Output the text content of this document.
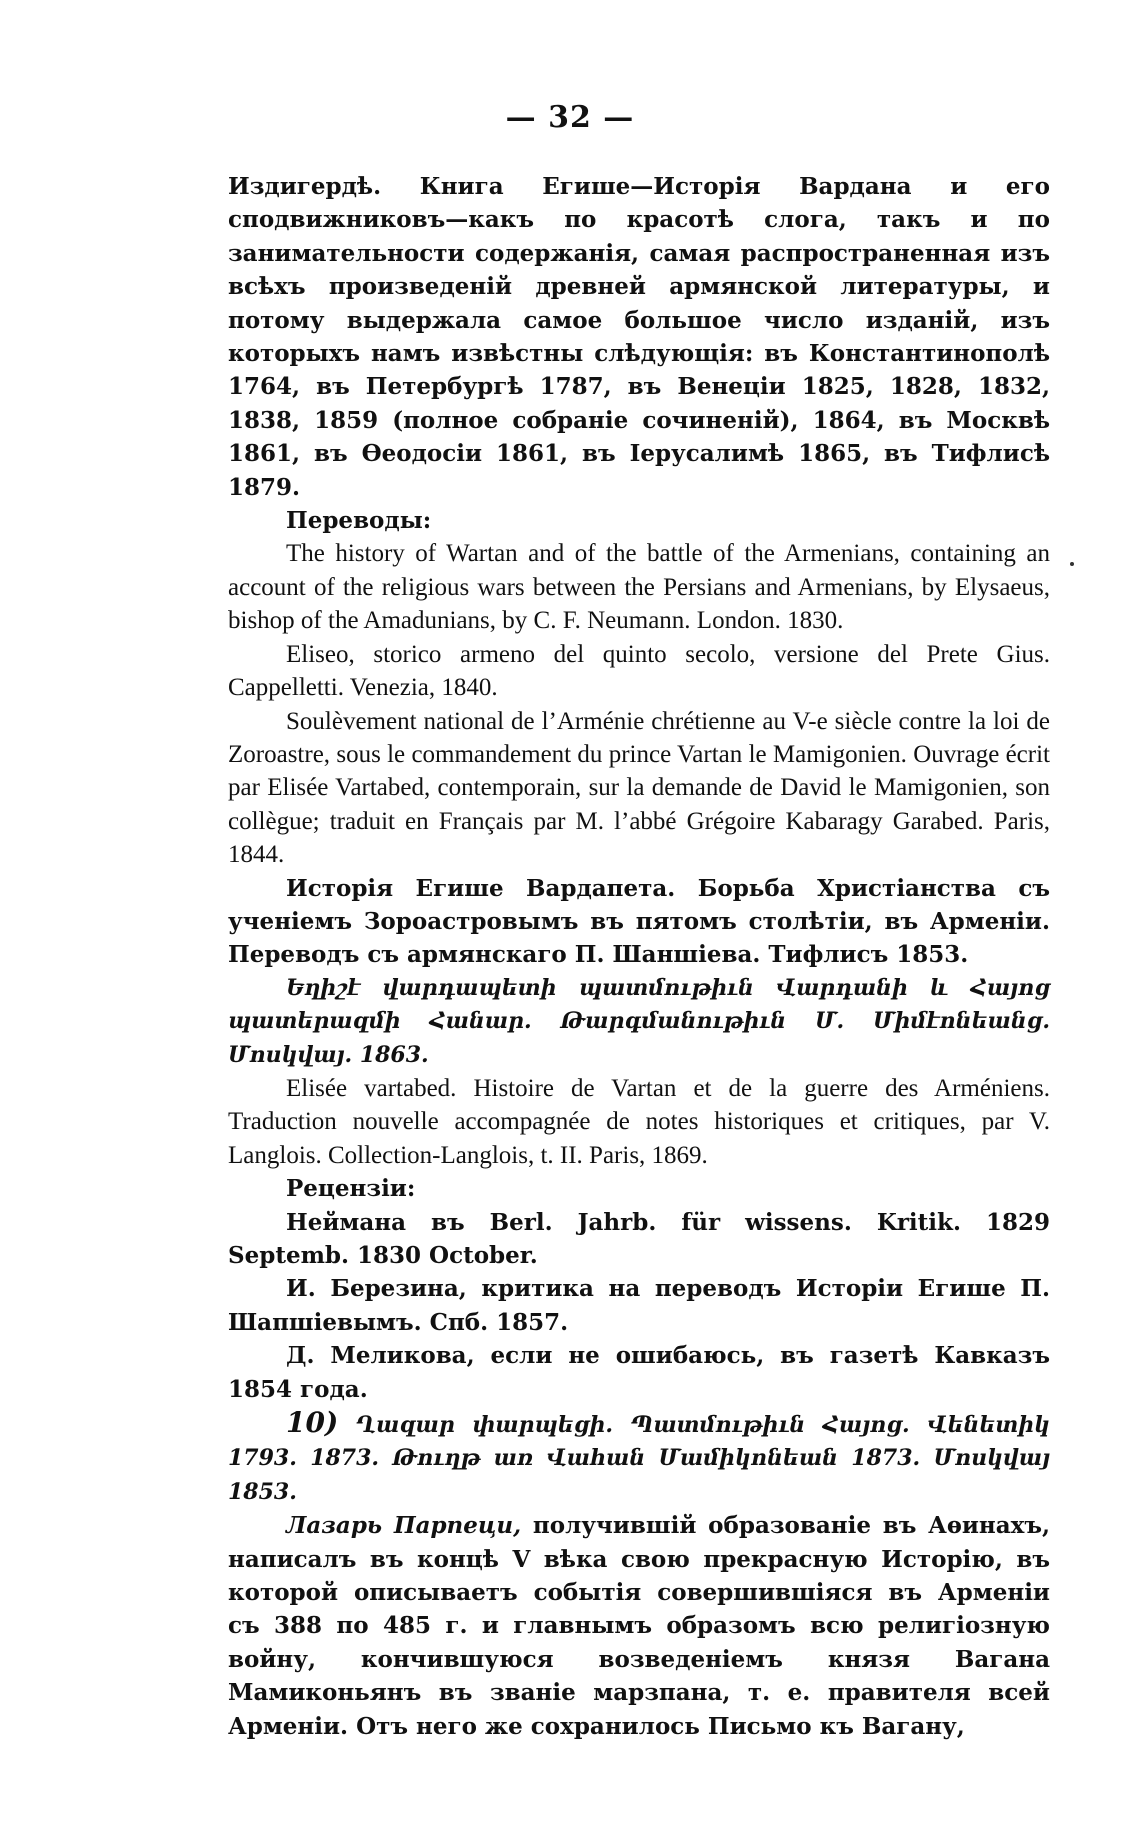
— 32 —

Издигердѣ. Книга Егише—Исторія Вардана и его сподвижниковъ—какъ по красотѣ слога, такъ и по занимательности содержанія, самая распространенная изъ всѣхъ произведеній древней армянской литературы, и потому выдержала самое большое число изданій, изъ которыхъ намъ извѣстны слѣдующія: въ Константинополѣ 1764, въ Петербургѣ 1787, въ Венеціи 1825, 1828, 1832, 1838, 1859 (полное собраніе сочиненій), 1864, въ Москвѣ 1861, въ Ѳеодосіи 1861, въ Іерусалимѣ 1865, въ Тифлисѣ 1879.

Переводы:

The history of Wartan and of the battle of the Armenians, containing an account of the religious wars between the Persians and Armenians, by Elysaeus, bishop of the Amadunians, by C. F. Neumann. London. 1830.

Eliseo, storico armeno del quinto secolo, versione del Prete Gius. Cappelletti. Venezia, 1840.

Soulèvement national de l’Arménie chrétienne au V-e siècle contre la loi de Zoroastre, sous le commandement du prince Vartan le Mamigonien. Ouvrage écrit par Elisée Vartabed, contemporain, sur la demande de David le Mamigonien, son collègue; traduit en Français par M. l’abbé Grégoire Kabaragy Garabed. Paris, 1844.

Исторія Егише Вардапета. Борьба Христіанства съ ученіемъ Зороастровымъ въ пятомъ столѣтіи, въ Арменіи. Переводъ съ армянскаго П. Шаншіева. Тифлисъ 1853.

Եղիշէ վարդապետի պատմութիւն Վարդանի և Հայոց պատերազմի Հանար. Թարգմանութիւն Մ. Միմէոնեանց. Մոսկվայ. 1863.

Elisée vartabed. Histoire de Vartan et de la guerre des Arméniens. Traduction nouvelle accompagnée de notes historiques et critiques, par V. Langlois. Collection-Langlois, t. II. Paris, 1869.

Рецензіи:

Неймана въ Berl. Jahrb. für wissens. Kritik. 1829 Septemb. 1830 October.

И. Березина, критика на переводъ Исторіи Егише П. Шапшіевымъ. Спб. 1857.

Д. Меликова, если не ошибаюсь, въ газетѣ Кавказъ 1854 года.

10) Ղազար փարպեցի. Պատմութիւն Հայոց. Վենետիկ 1793. 1873. Թուղթ առ Վահան Մամիկոնեան 1873. Մոսկվայ 1853.

Лазарь Парпеци, получившій образованіе въ Аѳинахъ, написалъ въ концѣ V вѣка свою прекрасную Исторію, въ которой описываетъ событія совершившіяся въ Арменіи съ 388 по 485 г. и главнымъ образомъ всю религіозную войну, кончившуюся возведеніемъ князя Вагана Мамиконьянъ въ званіе марзпана, т. е. правителя всей Арменіи. Отъ него же сохранилось Письмо къ Вагану,
